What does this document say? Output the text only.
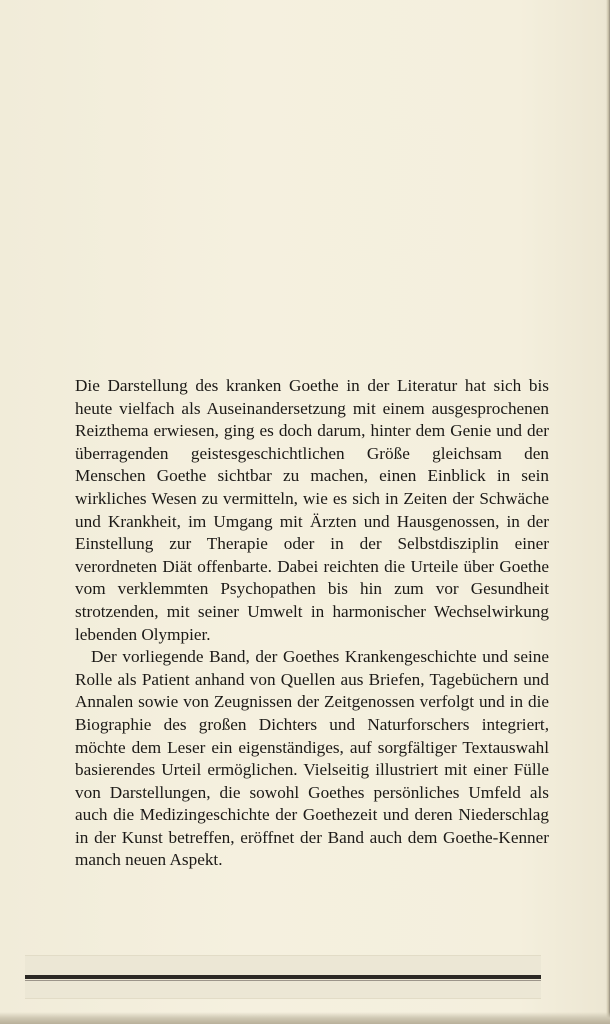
Die Darstellung des kranken Goethe in der Literatur hat sich bis heute vielfach als Auseinandersetzung mit einem ausgesprochenen Reizthema erwiesen, ging es doch darum, hinter dem Genie und der überragenden geistesgeschichtlichen Größe gleichsam den Menschen Goethe sichtbar zu machen, einen Einblick in sein wirkliches Wesen zu vermitteln, wie es sich in Zeiten der Schwäche und Krankheit, im Umgang mit Ärzten und Hausgenossen, in der Einstellung zur Therapie oder in der Selbstdisziplin einer verordneten Diät offenbarte. Dabei reichten die Urteile über Goethe vom verklemmten Psychopathen bis hin zum vor Gesundheit strotzenden, mit seiner Umwelt in harmonischer Wechselwirkung lebenden Olympier.

Der vorliegende Band, der Goethes Krankengeschichte und seine Rolle als Patient anhand von Quellen aus Briefen, Tagebüchern und Annalen sowie von Zeugnissen der Zeitgenossen verfolgt und in die Biographie des großen Dichters und Naturforschers integriert, möchte dem Leser ein eigenständiges, auf sorgfältiger Textauswahl basierendes Urteil ermöglichen. Vielseitig illustriert mit einer Fülle von Darstellungen, die sowohl Goethes persönliches Umfeld als auch die Medizingeschichte der Goethezeit und deren Niederschlag in der Kunst betreffen, eröffnet der Band auch dem Goethe-Kenner manch neuen Aspekt.
